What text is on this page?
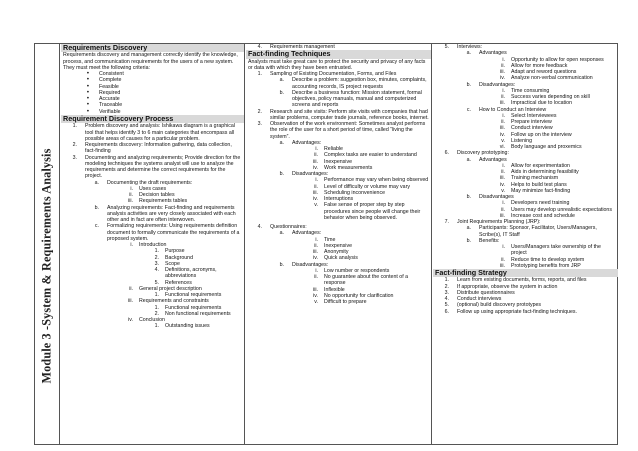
Module 3 -System & Requirements Analysis
Requirements Discovery

Requirements discovery and management correctly identify the knowledge, process, and communication requirements for the users of a new system. They must meet the following criteria:

• Consistent
• Complete
• Feasible
• Required
• Accurate
• Traceable
• Verifiable
Requirement Discovery Process
1. Problem discovery and analysis: Ishikawa diagram is a graphical tool that helps identify 3 to 6 main categories that encompass all possible areas of causes for a particular problem.
2. Requirements discovery: Information gathering, data collection, fact-finding
3. Documenting and analyzing requirements; Provide direction for the modeling techniques the systems analyst will use to analyze the requirements and determine the correct requirements for the project.
a. Documenting the draft requirements:
i. Uses cases
ii. Decision tables
iii. Requirements tables
b. Analyzing requirements: Fact-finding and requirements analysis activities are very closely associated with each other and in fact are often interwoven.
c. Formalizing requirements: Using requirements definition document to formally communicate the requirements of a proposed system.
i. Introduction
1. Purpose
2. Background
3. Scope
4. Definitions, acronyms, abbreviations
5. References
ii. General project description
1. Functional requirements
iii. Requirements and constraints
1. Functional requirements
2. Non functional requirements
iv. Conclusion
1. Outstanding issues
4. Requirements management
Fact-finding Techniques

Analysts must take great care to protect the security and privacy of any facts or data with which they have been entrusted.

1. Sampling of Existing Documentation, Forms, and Files
a. Describe a problem: suggestion box, minutes, complaints, accounting records, IS project requests
b. Describe a business function: Mission statement, formal objectives, policy manuals, manual and computerized screens and reports
2. Research and site visits: Perform site visits with companies that had similar problems, computer trade journals, reference books, internet.
3. Observation of the work environment: Sometimes analyst performs the role of the user for a short period of time, called “living the system”.
a. Advantages:
i. Reliable
ii. Complex tasks are easier to understand
iii. Inexpensive
iv. Work measurements
b. Disadvantages:
i. Performance may vary when being observed
ii. Level of difficulty or volume may vary
iii. Scheduling inconvenience
iv. Interruptions
v. False sense of proper step by step procedures since people will change their behavior when being observed.
4. Questionnaires:
a. Advantages:
i. Time
ii. Inexpensive
iii. Anonymity
iv. Quick analysis
b. Disadvantages:
i. Low number or respondents
ii. No guarantee about the content of a response
iii. Inflexible
iv. No opportunity for clarification
v. Difficult to prepare
5. Interviews:
a. Advantages
i. Opportunity to allow for open responses
ii. Allow for more feedback
iii. Adapt and reword questions
iv. Analyze non-verbal communication
b. Disadvantages:
i. Time consuming
ii. Success varies depending on skill
iii. Impractical due to location
c. How to Conduct an Interview
i. Select Interviewees
ii. Prepare interview
iii. Conduct interview
iv. Follow up on the interview
v. Listening
vi. Body language and proxemics
6. Discovery prototyping:
a. Advantages
i. Allow for experimentation
ii. Aids in determining feasibility
iii. Training mechanism
iv. Helps to build test plans
v. May minimize fact-finding
b. Disadvantages
i. Developers need training
ii. Users may develop unrealistic expectations
iii. Increase cost and schedule
7. Joint Requirements Planning (JRP):
a. Participants: Sponsor, Facilitator, Users/Managers, Scribe(s), IT Staff
b. Benefits:
i. Users/Managers take ownership of the project
ii. Reduce time to develop system
iii. Prototyping benefits from JRP
Fact-finding Strategy
1. Learn from existing documents, forms, reports, and files
2. If appropriate, observe the system in action
3. Distribute questionnaires
4. Conduct interviews
5. (optional) build discovery prototypes
6. Follow up using appropriate fact-finding techniques.
